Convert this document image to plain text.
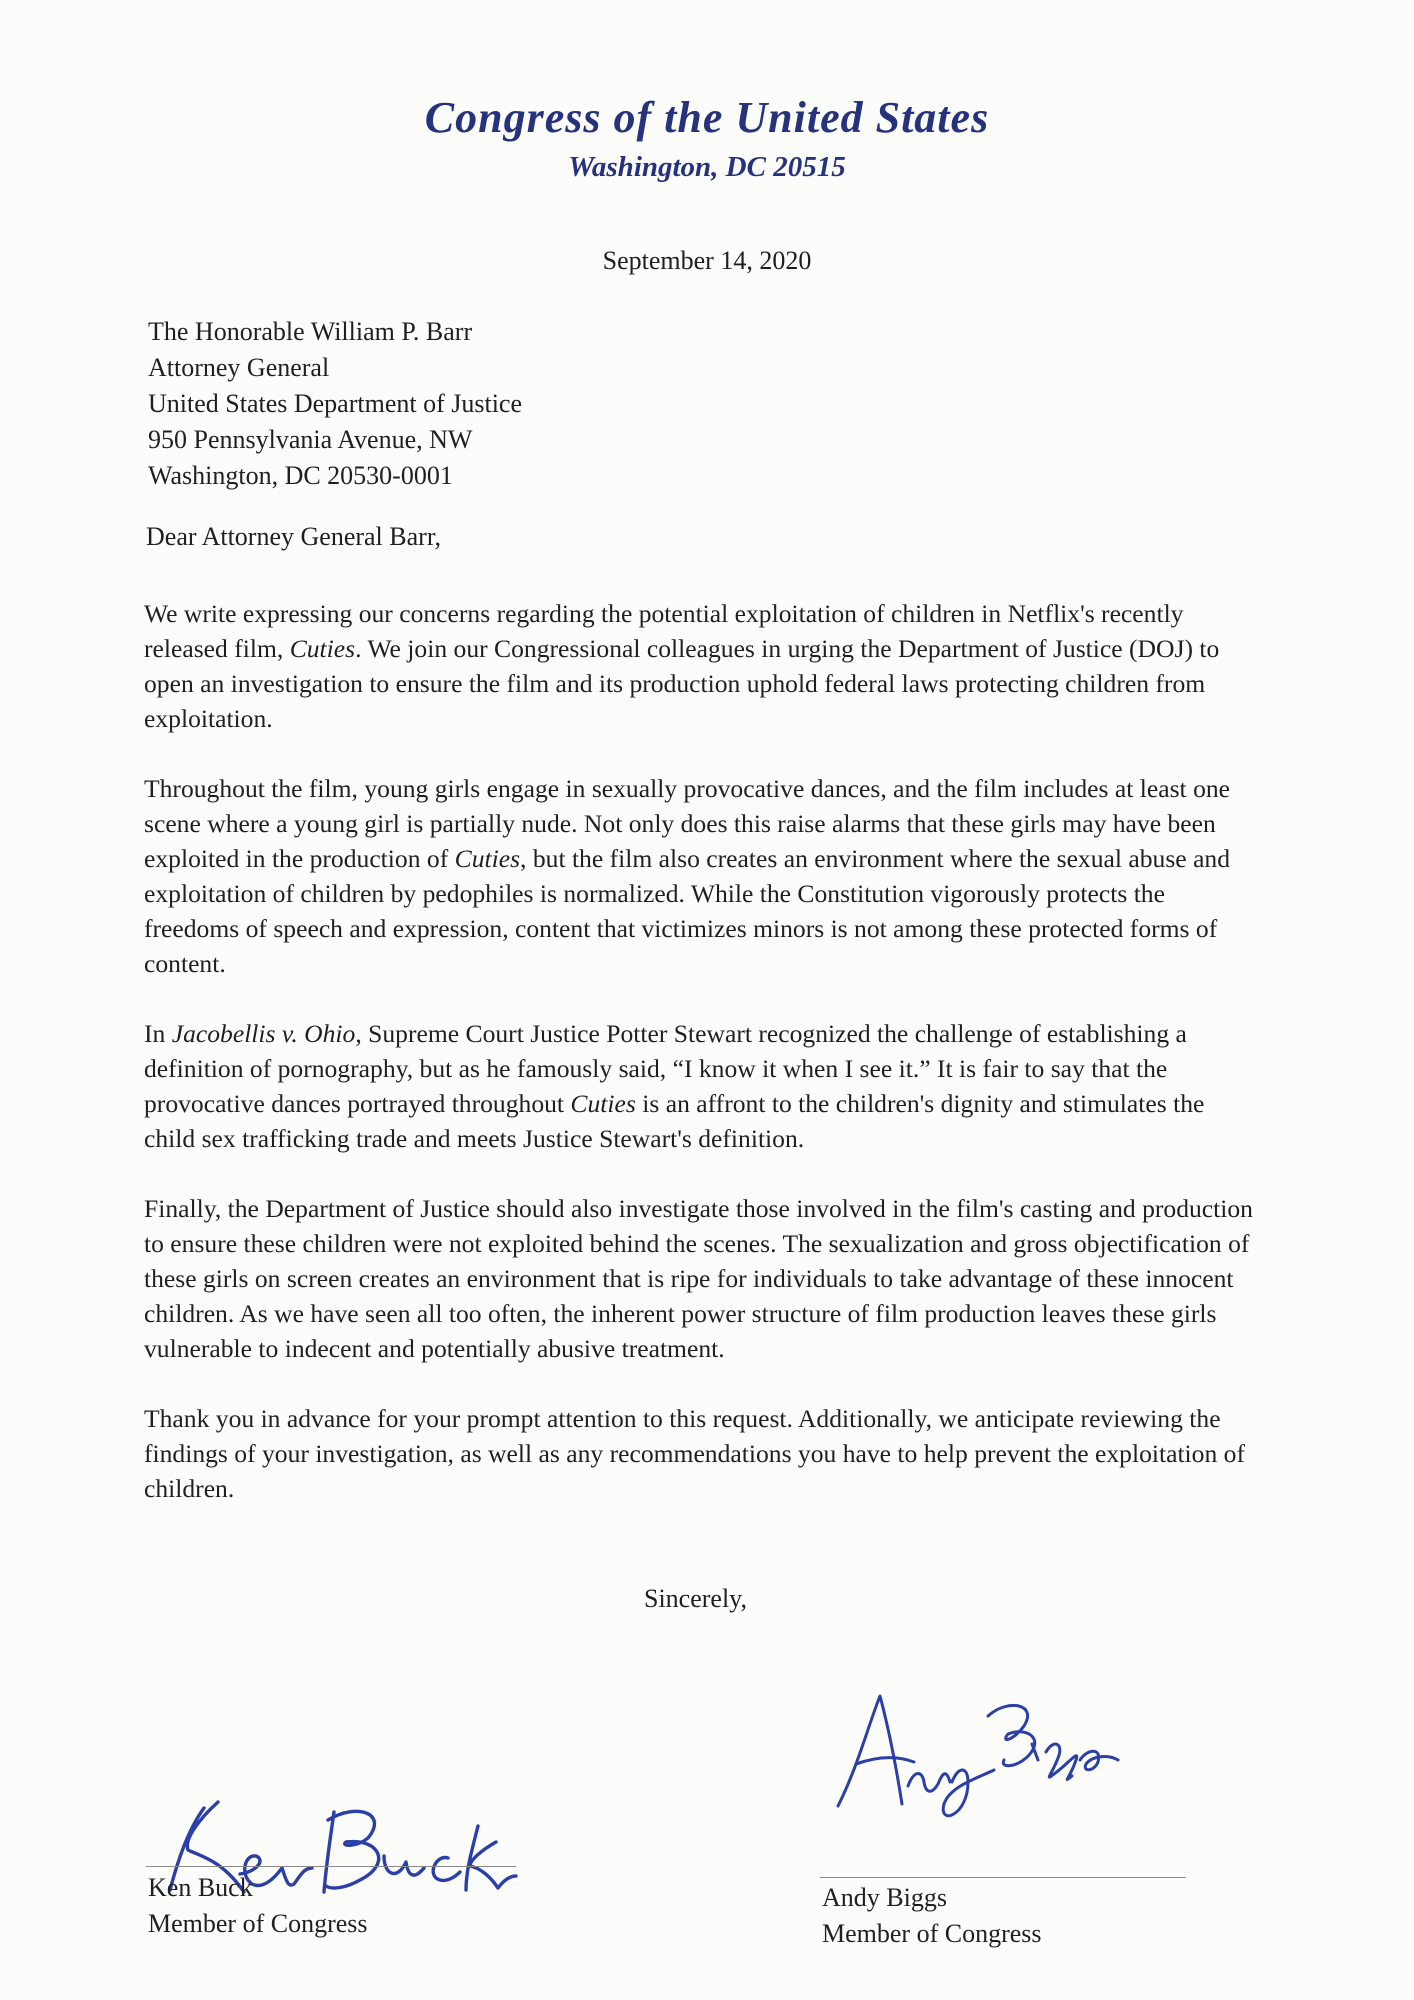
Congress of the United States
Washington, DC 20515
September 14, 2020
The Honorable William P. Barr
Attorney General
United States Department of Justice
950 Pennsylvania Avenue, NW
Washington, DC 20530-0001
Dear Attorney General Barr,

We write expressing our concerns regarding the potential exploitation of children in Netflix's recently released film, Cuties. We join our Congressional colleagues in urging the Department of Justice (DOJ) to open an investigation to ensure the film and its production uphold federal laws protecting children from exploitation.

Throughout the film, young girls engage in sexually provocative dances, and the film includes at least one scene where a young girl is partially nude. Not only does this raise alarms that these girls may have been exploited in the production of Cuties, but the film also creates an environment where the sexual abuse and exploitation of children by pedophiles is normalized. While the Constitution vigorously protects the freedoms of speech and expression, content that victimizes minors is not among these protected forms of content.

In Jacobellis v. Ohio, Supreme Court Justice Potter Stewart recognized the challenge of establishing a definition of pornography, but as he famously said, “I know it when I see it.” It is fair to say that the provocative dances portrayed throughout Cuties is an affront to the children's dignity and stimulates the child sex trafficking trade and meets Justice Stewart's definition.

Finally, the Department of Justice should also investigate those involved in the film's casting and production to ensure these children were not exploited behind the scenes. The sexualization and gross objectification of these girls on screen creates an environment that is ripe for individuals to take advantage of these innocent children. As we have seen all too often, the inherent power structure of film production leaves these girls vulnerable to indecent and potentially abusive treatment.

Thank you in advance for your prompt attention to this request. Additionally, we anticipate reviewing the findings of your investigation, as well as any recommendations you have to help prevent the exploitation of children.

Sincerely,
Ken Buck
Member of Congress
Andy Biggs
Member of Congress
